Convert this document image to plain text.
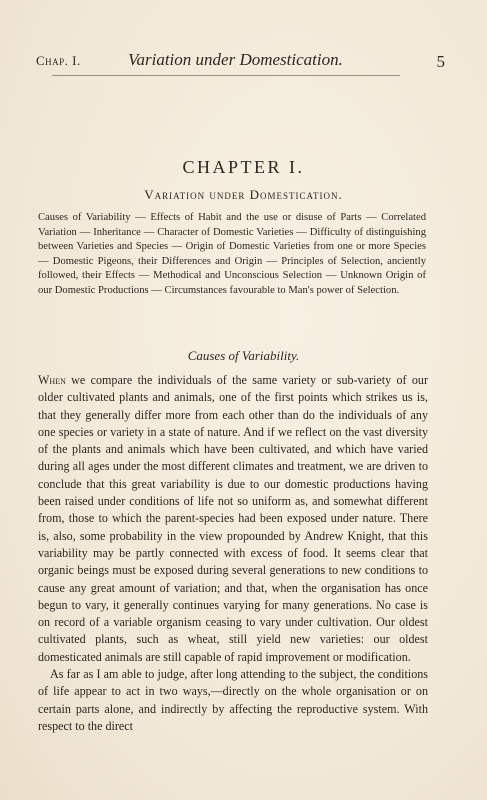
Chap. I.	Variation under Domestication.	5
CHAPTER I.
Variation under Domestication.
Causes of Variability — Effects of Habit and the use or disuse of Parts — Correlated Variation — Inheritance — Character of Domestic Varieties — Difficulty of distinguishing between Varieties and Species — Origin of Domestic Varieties from one or more Species — Domestic Pigeons, their Differences and Origin — Principles of Selection, anciently followed, their Effects — Methodical and Unconscious Selection — Unknown Origin of our Domestic Productions — Circumstances favourable to Man's power of Selection.
Causes of Variability.

When we compare the individuals of the same variety or sub-variety of our older cultivated plants and animals, one of the first points which strikes us is, that they generally differ more from each other than do the individuals of any one species or variety in a state of nature. And if we reflect on the vast diversity of the plants and animals which have been cultivated, and which have varied during all ages under the most different climates and treatment, we are driven to conclude that this great variability is due to our domestic productions having been raised under conditions of life not so uniform as, and somewhat different from, those to which the parent-species had been exposed under nature. There is, also, some probability in the view propounded by Andrew Knight, that this variability may be partly connected with excess of food. It seems clear that organic beings must be exposed during several generations to new conditions to cause any great amount of variation; and that, when the organisation has once begun to vary, it generally continues varying for many generations. No case is on record of a variable organism ceasing to vary under cultivation. Our oldest cultivated plants, such as wheat, still yield new varieties: our oldest domesticated animals are still capable of rapid improvement or modification.

As far as I am able to judge, after long attending to the subject, the conditions of life appear to act in two ways,—directly on the whole organisation or on certain parts alone, and indirectly by affecting the reproductive system. With respect to the direct
